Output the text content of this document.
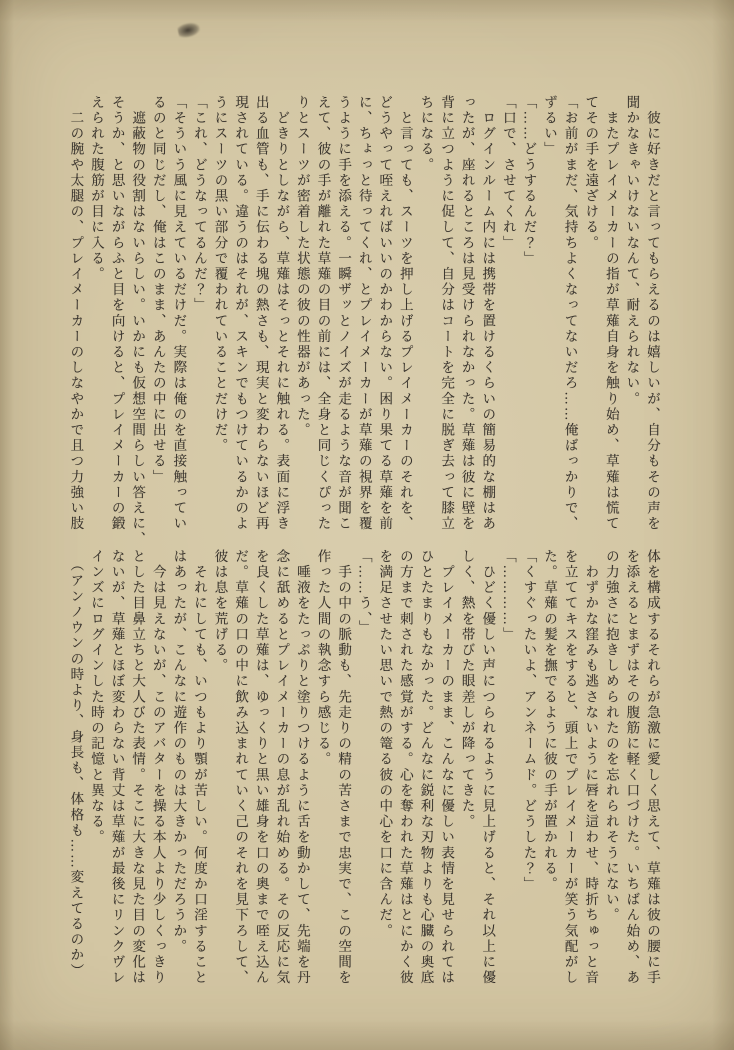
　彼に好きだと言ってもらえるのは嬉しいが、自分もその声を
聞かなきゃいけないなんて、耐えられない。
　またプレイメーカーの指が草薙自身を触り始め、草薙は慌て
てその手を遠ざける。
「お前がまだ、気持ちよくなってないだろ……俺ばっかりで、
ずるい」
「……どうするんだ？」
「口で、させてくれ」
　ログインルーム内には携帯を置けるくらいの簡易的な棚はあ
ったが、座れるところは見受けられなかった。草薙は彼に壁を
背に立つように促して、自分はコートを完全に脱ぎ去って膝立
ちになる。
　と言っても、スーツを押し上げるプレイメーカーのそれを、
どうやって咥えればいいのかわからない。困り果てる草薙を前
に、ちょっと待ってくれ、とプレイメーカーが草薙の視界を覆
うように手を添える。一瞬ザッとノイズが走るような音が聞こ
えて、彼の手が離れた草薙の目の前には、全身と同じくぴった
りとスーツが密着した状態の彼の性器があった。
　どきりとしながら、草薙はそっとそれに触れる。表面に浮き
出る血管も、手に伝わる塊の熱さも、現実と変わらないほど再
現されている。違うのはそれが、スキンでもつけているかのよ
うにスーツの黒い部分で覆われていることだけだ。
「これ、どうなってるんだ？」
「そういう風に見えているだけだ。実際は俺のを直接触ってい
るのと同じだし、俺はこのまま、あんたの中に出せる」
　遮蔽物の役割はないらしい。いかにも仮想空間らしい答えに、
そうか、と思いながらふと目を向けると、プレイメーカーの鍛
えられた腹筋が目に入る。
　二の腕や太腿の、プレイメーカーのしなやかで且つ力強い肢
体を構成するそれらが急激に愛しく思えて、草薙は彼の腰に手
を添えるとまずはその腹筋に軽く口づけた。いちばん始め、あ
の力強さに抱きしめられたのを忘れられそうにない。
　わずかな窪みも逃さないように唇を這わせ、時折ちゅっと音
を立ててキスをすると、頭上でプレイメーカーが笑う気配がし
た。草薙の髪を撫でるように彼の手が置かれる。
「くすぐったいよ、アンネームド。どうした？」
「…………」
　ひどく優しい声につられるように見上げると、それ以上に優
しく、熱を帯びた眼差しが降ってきた。
　プレイメーカーのまま、こんなに優しい表情を見せられては
ひとたまりもなかった。どんなに鋭利な刃物よりも心臓の奥底
の方まで刺された感覚がする。心を奪われた草薙はとにかく彼
を満足させたい思いで熱の篭る彼の中心を口に含んだ。
「……う、」
　手の中の脈動も、先走りの精の苦さまで忠実で、この空間を
作った人間の執念すら感じる。
　唾液をたっぷりと塗りつけるように舌を動かして、先端を丹
念に舐めるとプレイメーカーの息が乱れ始める。その反応に気
を良くした草薙は、ゆっくりと黒い雄身を口の奥まで咥え込ん
だ。草薙の口の中に飲み込まれていく己のそれを見下ろして、
彼は息を荒げる。
　それにしても、いつもより顎が苦しい。何度か口淫すること
はあったが、こんなに遊作のものは大きかっただろうか。
　今は見えないが、このアバターを操る本人より少しくっきり
とした目鼻立ちと大人びた表情。そこに大きな見た目の変化は
ないが、草薙とほぼ変わらない背丈は草薙が最後にリンクヴレ
インズにログインした時の記憶と異なる。
　（アンノウンの時より、身長も、体格も……変えてるのか）
